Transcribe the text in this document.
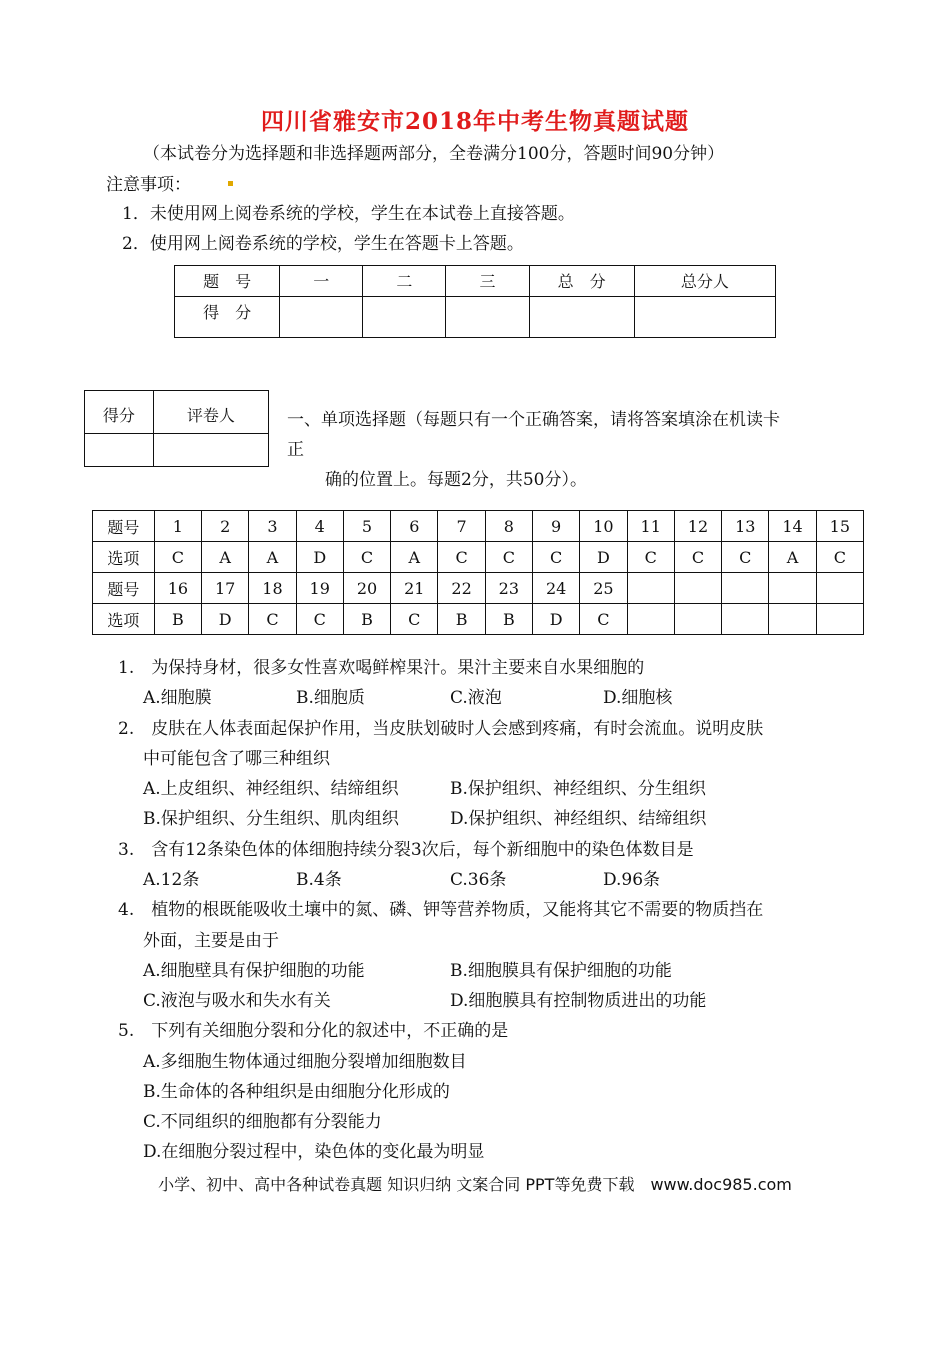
四川省雅安市2018年中考生物真题试题
（本试卷分为选择题和非选择题两部分，全卷满分100分，答题时间90分钟）
注意事项：
1．未使用网上阅卷系统的学校，学生在本试卷上直接答题。
2．使用网上阅卷系统的学校，学生在答题卡上答题。
题　号	一	二	三	总　分	总分人
得　分					
得分	评卷人
		一、单项选择题（每题只有一个正确答案，请将答案填涂在机读卡
正
确的位置上。每题2分，共50分）。
题号	1	2	3	4	5	6	7	8	9	10	11	12	13	14	15
选项	C	A	A	D	C	A	C	C	C	D	C	C	C	A	C
题号	16	17	18	19	20	21	22	23	24	25					
选项	B	D	C	C	B	C	B	B	D	C					
1.　为保持身材，很多女性喜欢喝鲜榨果汁。果汁主要来自水果细胞的
A.细胞膜	B.细胞质	C.液泡	D.细胞核
2.　皮肤在人体表面起保护作用，当皮肤划破时人会感到疼痛，有时会流血。说明皮肤
中可能包含了哪三种组织
A.上皮组织、神经组织、结缔组织	B.保护组织、神经组织、分生组织
B.保护组织、分生组织、肌肉组织	D.保护组织、神经组织、结缔组织
3.　含有12条染色体的体细胞持续分裂3次后，每个新细胞中的染色体数目是
A.12条	B.4条	C.36条	D.96条
4.　植物的根既能吸收土壤中的氮、磷、钾等营养物质，又能将其它不需要的物质挡在
外面，主要是由于
A.细胞壁具有保护细胞的功能	B.细胞膜具有保护细胞的功能
C.液泡与吸水和失水有关	D.细胞膜具有控制物质进出的功能
5.　下列有关细胞分裂和分化的叙述中，不正确的是
A.多细胞生物体通过细胞分裂增加细胞数目
B.生命体的各种组织是由细胞分化形成的
C.不同组织的细胞都有分裂能力
D.在细胞分裂过程中，染色体的变化最为明显
小学、初中、高中各种试卷真题 知识归纳 文案合同 PPT等免费下载　www.doc985.com
